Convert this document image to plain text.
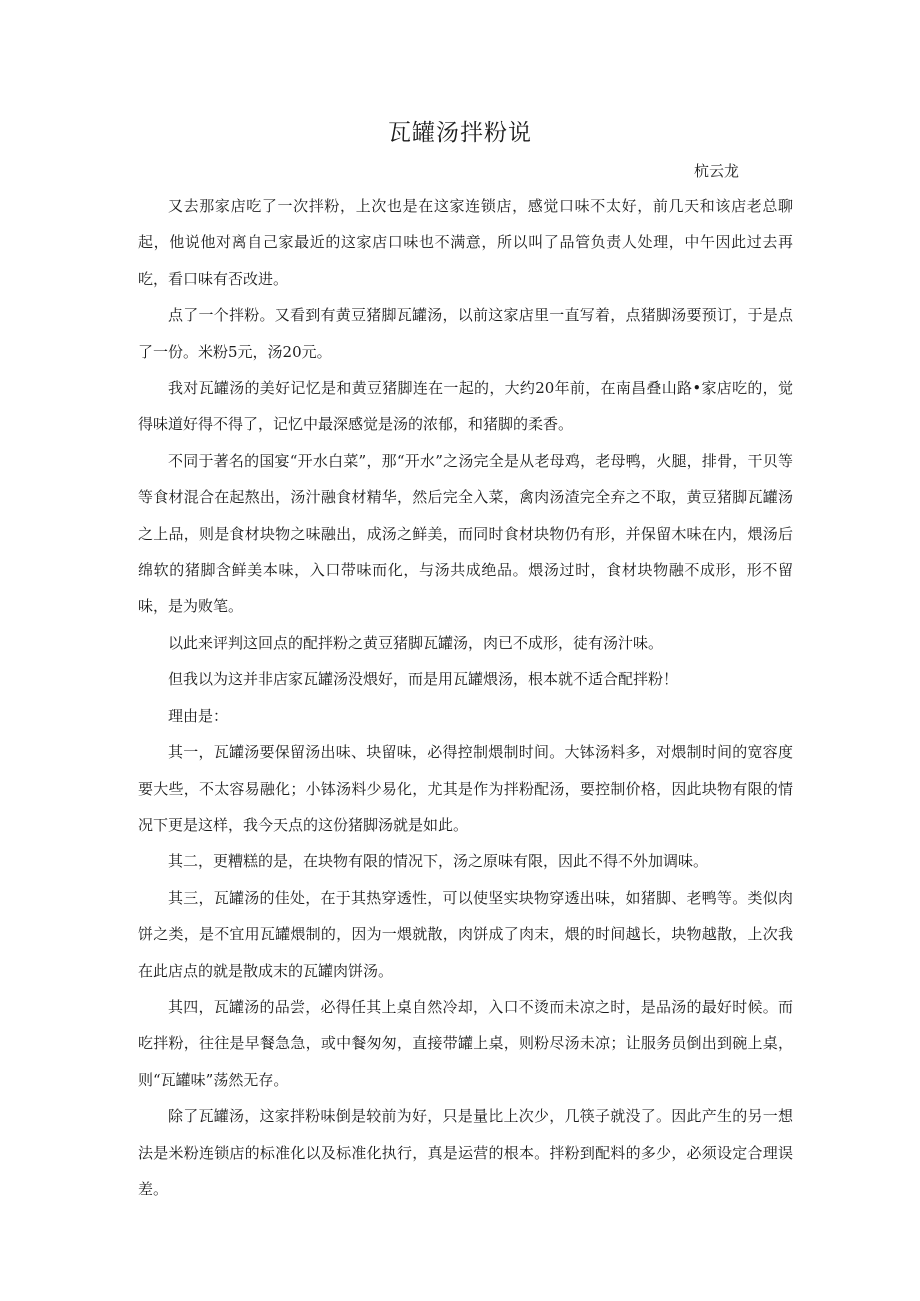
瓦罐汤拌粉说
杭云龙

又去那家店吃了一次拌粉，上次也是在这家连锁店，感觉口味不太好，前几天和该店老总聊起，他说他对离自己家最近的这家店口味也不满意，所以叫了品管负责人处理，中午因此过去再吃，看口味有否改进。

点了一个拌粉。又看到有黄豆猪脚瓦罐汤，以前这家店里一直写着，点猪脚汤要预订，于是点了一份。米粉5元，汤20元。

我对瓦罐汤的美好记忆是和黄豆猪脚连在一起的，大约20年前，在南昌叠山路•家店吃的，觉得味道好得不得了，记忆中最深感觉是汤的浓郁，和猪脚的柔香。

不同于著名的国宴“开水白菜”，那“开水”之汤完全是从老母鸡，老母鸭，火腿，排骨，干贝等等食材混合在起熬出，汤汁融食材精华，然后完全入菜，禽肉汤渣完全弃之不取，黄豆猪脚瓦罐汤之上品，则是食材块物之味融出，成汤之鲜美，而同时食材块物仍有形，并保留木味在内，煨汤后绵软的猪脚含鲜美本味，入口带味而化，与汤共成绝品。煨汤过时，食材块物融不成形，形不留味，是为败笔。

以此来评判这回点的配拌粉之黄豆猪脚瓦罐汤，肉已不成形，徒有汤汁味。

但我以为这并非店家瓦罐汤没煨好，而是用瓦罐煨汤，根本就不适合配拌粉！

理由是：

其一，瓦罐汤要保留汤出味、块留味，必得控制煨制时间。大钵汤料多，对煨制时间的宽容度要大些，不太容易融化；小钵汤料少易化，尤其是作为拌粉配汤，要控制价格，因此块物有限的情况下更是这样，我今天点的这份猪脚汤就是如此。

其二，更糟糕的是，在块物有限的情况下，汤之原味有限，因此不得不外加调味。

其三，瓦罐汤的佳处，在于其热穿透性，可以使坚实块物穿透出味，如猪脚、老鸭等。类似肉饼之类，是不宜用瓦罐煨制的，因为一煨就散，肉饼成了肉末，煨的时间越长，块物越散，上次我在此店点的就是散成末的瓦罐肉饼汤。

其四，瓦罐汤的品尝，必得任其上桌自然冷却，入口不烫而未凉之时，是品汤的最好时候。而吃拌粉，往往是早餐急急，或中餐匆匆，直接带罐上桌，则粉尽汤未凉；让服务员倒出到碗上桌，则“瓦罐味”荡然无存。

除了瓦罐汤，这家拌粉味倒是较前为好，只是量比上次少，几筷子就没了。因此产生的另一想法是米粉连锁店的标准化以及标准化执行，真是运营的根本。拌粉到配料的多少，必须设定合理误差。
